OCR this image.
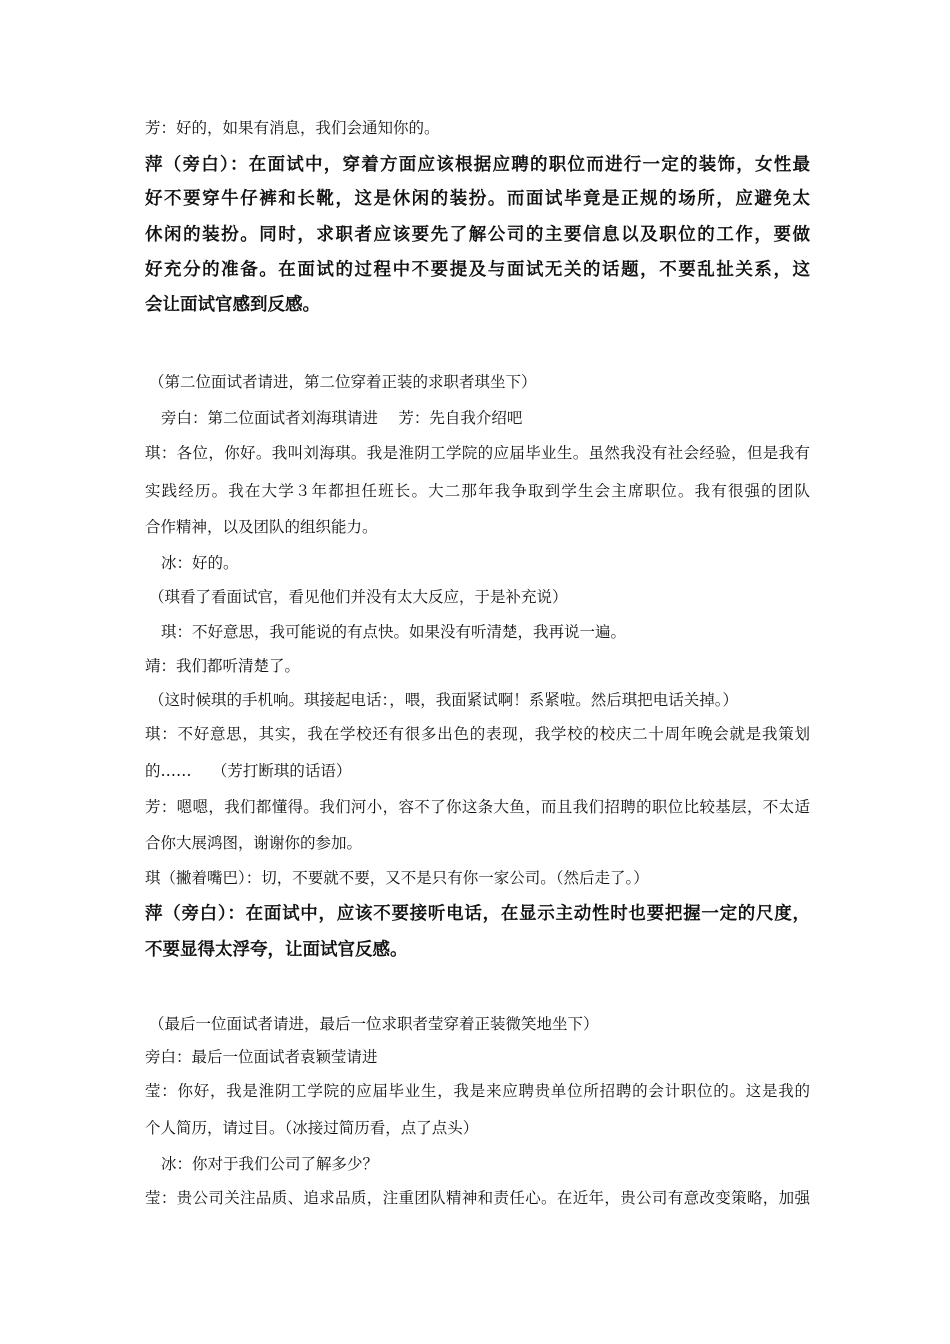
芳：好的，如果有消息，我们会通知你的。
萍（旁白）：在面试中，穿着方面应该根据应聘的职位而进行一定的装饰，女性最
好不要穿牛仔裤和长靴，这是休闲的装扮。而面试毕竟是正规的场所，应避免太
休闲的装扮。同时，求职者应该要先了解公司的主要信息以及职位的工作，要做
好充分的准备。在面试的过程中不要提及与面试无关的话题，不要乱扯关系，这
会让面试官感到反感。
（第二位面试者请进，第二位穿着正装的求职者琪坐下）
旁白：第二位面试者刘海琪请进　 芳：先自我介绍吧
琪：各位，你好。我叫刘海琪。我是淮阴工学院的应届毕业生。虽然我没有社会经验，但是我有
实践经历。我在大学３年都担任班长。大二那年我争取到学生会主席职位。我有很强的团队
合作精神，以及团队的组织能力。
冰：好的。
（琪看了看面试官，看见他们并没有太大反应，于是补充说）
琪：不好意思，我可能说的有点快。如果没有听清楚，我再说一遍。
靖：我们都听清楚了。
（这时候琪的手机响。琪接起电话：，喂，我面紧试啊！系紧啦。然后琪把电话关掉。）
琪：不好意思，其实，我在学校还有很多出色的表现，我学校的校庆二十周年晚会就是我策划
的……　 （芳打断琪的话语）
芳：嗯嗯，我们都懂得。我们河小，容不了你这条大鱼，而且我们招聘的职位比较基层，不太适
合你大展鸿图，谢谢你的参加。
琪（撇着嘴巴）：切，不要就不要，又不是只有你一家公司。（然后走了。）
萍（旁白）：在面试中，应该不要接听电话，在显示主动性时也要把握一定的尺度，
不要显得太浮夸，让面试官反感。
（最后一位面试者请进，最后一位求职者莹穿着正装微笑地坐下）
旁白：最后一位面试者袁颖莹请进
莹：你好，我是淮阴工学院的应届毕业生，我是来应聘贵单位所招聘的会计职位的。这是我的
个人简历，请过目。（冰接过简历看，点了点头）
冰：你对于我们公司了解多少？
莹：贵公司关注品质、追求品质，注重团队精神和责任心。在近年，贵公司有意改变策略，加强
